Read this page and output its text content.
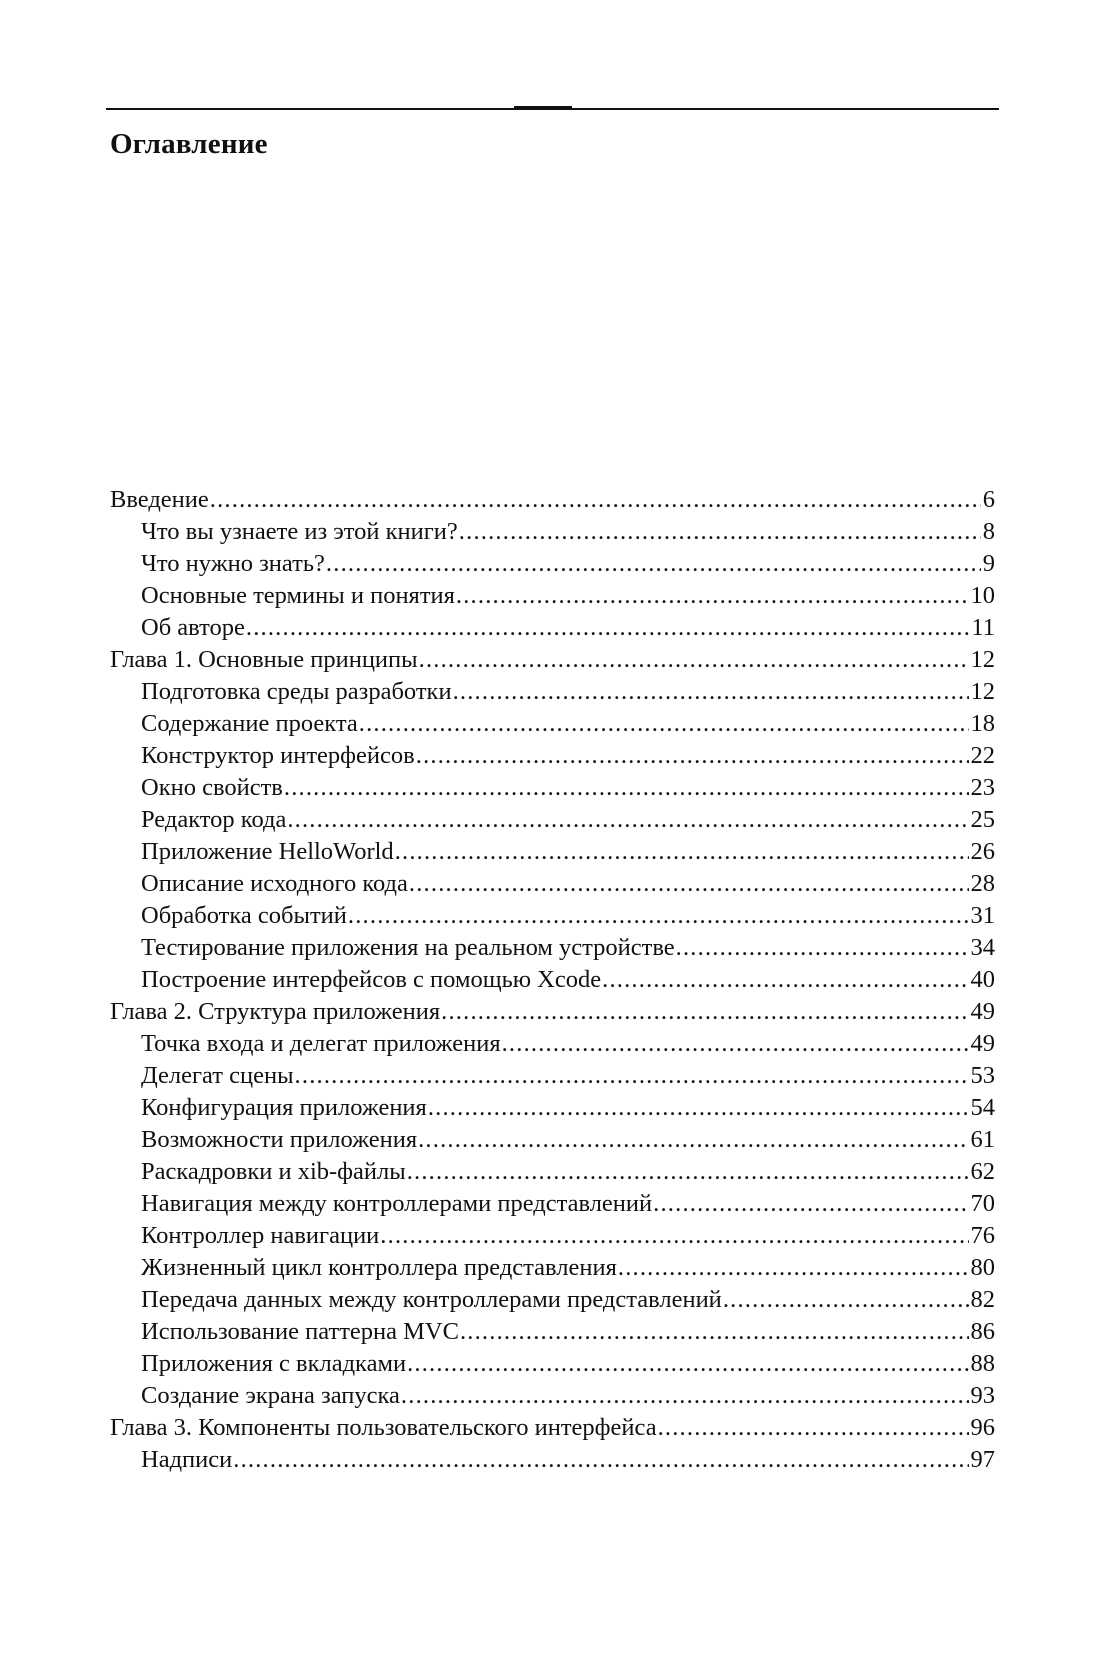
Оглавление
Введение .....	6
Что вы узнаете из этой книги? .....	8
Что нужно знать? .....	9
Основные термины и понятия .....	10
Об авторе .....	11
Глава 1. Основные принципы .....	12
Подготовка среды разработки .....	12
Содержание проекта .....	18
Конструктор интерфейсов .....	22
Окно свойств .....	23
Редактор кода .....	25
Приложение HelloWorld .....	26
Описание исходного кода .....	28
Обработка событий .....	31
Тестирование приложения на реальном устройстве .....	34
Построение интерфейсов с помощью Xcode .....	40
Глава 2. Структура приложения .....	49
Точка входа и делегат приложения .....	49
Делегат сцены .....	53
Конфигурация приложения .....	54
Возможности приложения .....	61
Раскадровки и xib-файлы .....	62
Навигация между контроллерами представлений .....	70
Контроллер навигации .....	76
Жизненный цикл контроллера представления .....	80
Передача данных между контроллерами представлений .....	82
Использование паттерна MVC .....	86
Приложения с вкладками .....	88
Создание экрана запуска .....	93
Глава 3. Компоненты пользовательского интерфейса .....	96
Надписи .....	97
